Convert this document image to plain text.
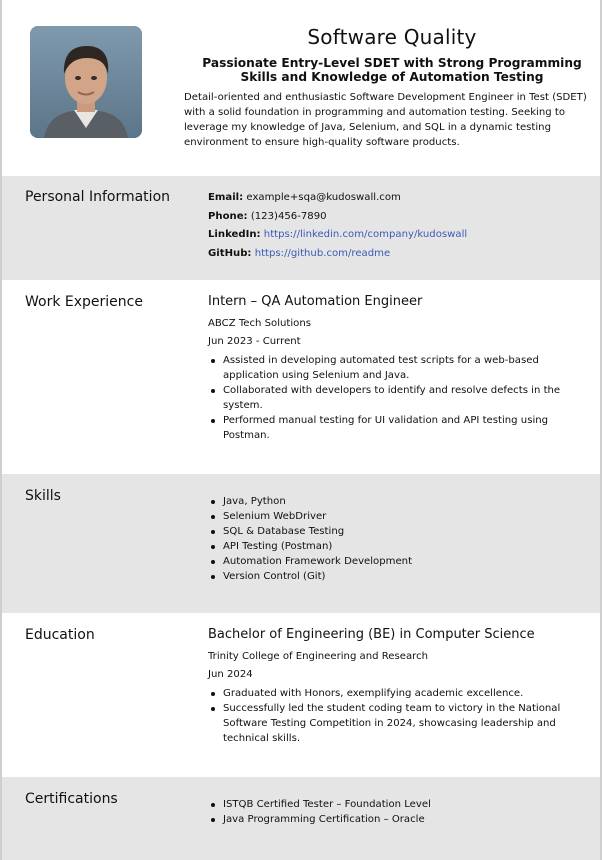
Software Quality
Passionate Entry-Level SDET with Strong Programming Skills and Knowledge of Automation Testing
Detail-oriented and enthusiastic Software Development Engineer in Test (SDET) with a solid foundation in programming and automation testing. Seeking to leverage my knowledge of Java, Selenium, and SQL in a dynamic testing environment to ensure high-quality software products.
Personal Information	Email: example+sqa@kudoswall.com
Phone: (123)456-7890
LinkedIn: https://linkedin.com/company/kudoswall
GitHub: https://github.com/readme
Work Experience	Intern – QA Automation Engineer
ABCZ Tech Solutions
Jun 2023 - Current
Assisted in developing automated test scripts for a web-based application using Selenium and Java.
Collaborated with developers to identify and resolve defects in the system.
Performed manual testing for UI validation and API testing using Postman.
Skills	Java, Python
Selenium WebDriver
SQL & Database Testing
API Testing (Postman)
Automation Framework Development
Version Control (Git)
Education	Bachelor of Engineering (BE) in Computer Science
Trinity College of Engineering and Research
Jun 2024
Graduated with Honors, exemplifying academic excellence.
Successfully led the student coding team to victory in the National Software Testing Competition in 2024, showcasing leadership and technical skills.
Certifications	ISTQB Certified Tester – Foundation Level
Java Programming Certification – Oracle
